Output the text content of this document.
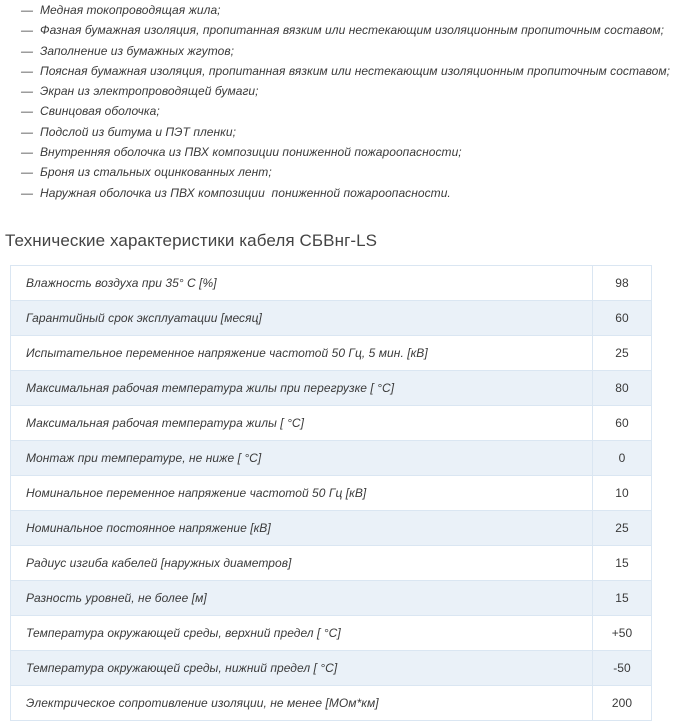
— Медная токопроводящая жила;
— Фазная бумажная изоляция, пропитанная вязким или нестекающим изоляционным пропиточным составом;
— Заполнение из бумажных жгутов;
— Поясная бумажная изоляция, пропитанная вязким или нестекающим изоляционным пропиточным составом;
— Экран из электропроводящей бумаги;
— Свинцовая оболочка;
— Подслой из битума и ПЭТ пленки;
— Внутренняя оболочка из ПВХ композиции пониженной пожароопасности;
— Броня из стальных оцинкованных лент;
— Наружная оболочка из ПВХ композиции  пониженной пожароопасности.
Технические характеристики кабеля СБВнг-LS
Влажность воздуха при 35° С [%]	98
Гарантийный срок эксплуатации [месяц]	60
Испытательное переменное напряжение частотой 50 Гц, 5 мин. [кВ]	25
Максимальная рабочая температура жилы при перегрузке [ °C]	80
Максимальная рабочая температура жилы [ °C]	60
Монтаж при температуре, не ниже [ °C]	0
Номинальное переменное напряжение частотой 50 Гц [кВ]	10
Номинальное постоянное напряжение [кВ]	25
Радиус изгиба кабелей [наружных диаметров]	15
Разность уровней, не более [м]	15
Температура окружающей среды, верхний предел [ °C]	+50
Температура окружающей среды, нижний предел [ °C]	-50
Электрическое сопротивление изоляции, не менее [МОм*км]	200
